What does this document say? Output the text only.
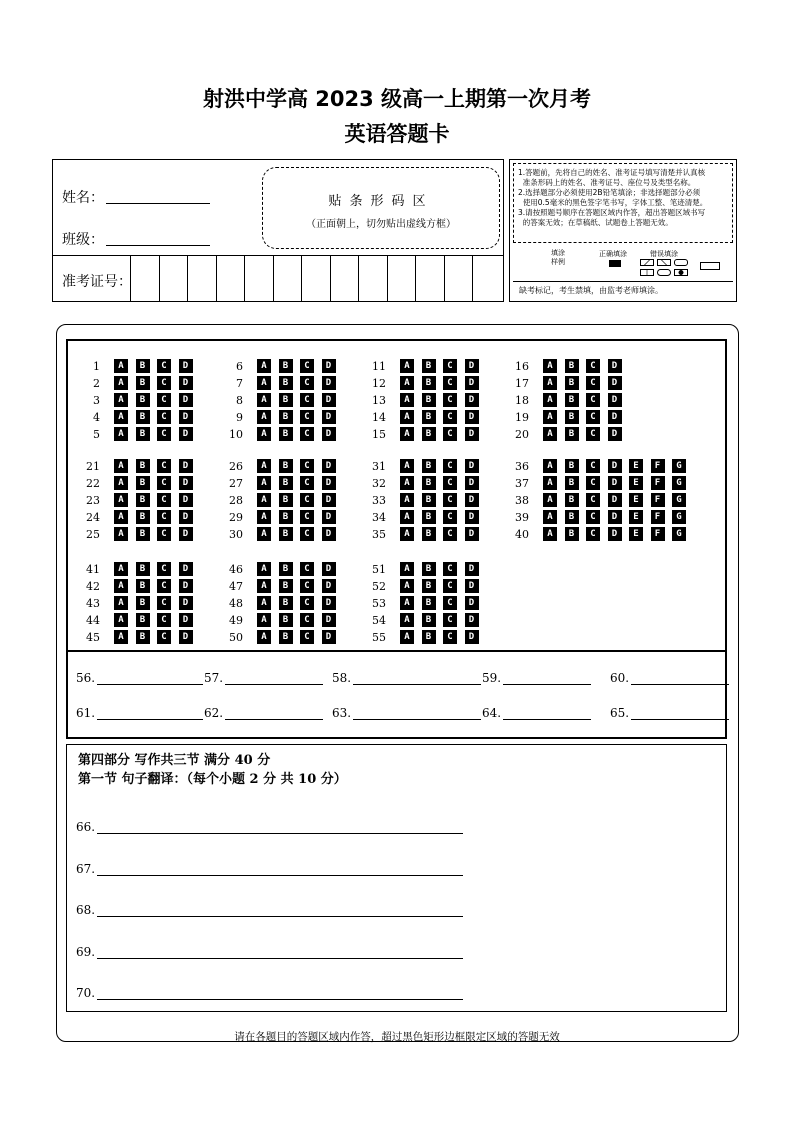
射洪中学高 2023 级高一上期第一次月考
英语答题卡
姓名：
班级：
准考证号：
贴条形码区
（正面朝上，切勿贴出虚线方框）
1.答题前，先将自己的姓名、准考证号填写清楚并认真核
准条形码上的姓名、准考证号、座位号及类型名称。
2.选择题部分必须使用2B铅笔填涂；非选择题部分必须
使用0.5毫米的黑色签字笔书写，字体工整、笔迹清楚。
3.请按照题号顺序在答题区域内作答，超出答题区域书写
的答案无效；在草稿纸、试题卷上答题无效。
填涂
样例
正确填涂	错误填涂
缺考标记，考生禁填，由监考老师填涂。
1	A	B	C	D
2	A	B	C	D
3	A	B	C	D
4	A	B	C	D
5	A	B	C	D
6	A	B	C	D
7	A	B	C	D
8	A	B	C	D
9	A	B	C	D
10	A	B	C	D
11	A	B	C	D
12	A	B	C	D
13	A	B	C	D
14	A	B	C	D
15	A	B	C	D
16	A	B	C	D
17	A	B	C	D
18	A	B	C	D
19	A	B	C	D
20	A	B	C	D
21	A	B	C	D
22	A	B	C	D
23	A	B	C	D
24	A	B	C	D
25	A	B	C	D
26	A	B	C	D
27	A	B	C	D
28	A	B	C	D
29	A	B	C	D
30	A	B	C	D
31	A	B	C	D
32	A	B	C	D
33	A	B	C	D
34	A	B	C	D
35	A	B	C	D
36	A	B	C	D	E	F	G
37	A	B	C	D	E	F	G
38	A	B	C	D	E	F	G
39	A	B	C	D	E	F	G
40	A	B	C	D	E	F	G
41	A	B	C	D
42	A	B	C	D
43	A	B	C	D
44	A	B	C	D
45	A	B	C	D
46	A	B	C	D
47	A	B	C	D
48	A	B	C	D
49	A	B	C	D
50	A	B	C	D
51	A	B	C	D
52	A	B	C	D
53	A	B	C	D
54	A	B	C	D
55	A	B	C	D
56.	57.	58.	59.	60.
61.	62.	63.	64.	65.
第四部分 写作共三节 满分 40 分
第一节 句子翻译：（每个小题 2 分 共 10 分）
66.
67.
68.
69.
70.
请在各题目的答题区域内作答，超过黑色矩形边框限定区域的答题无效
